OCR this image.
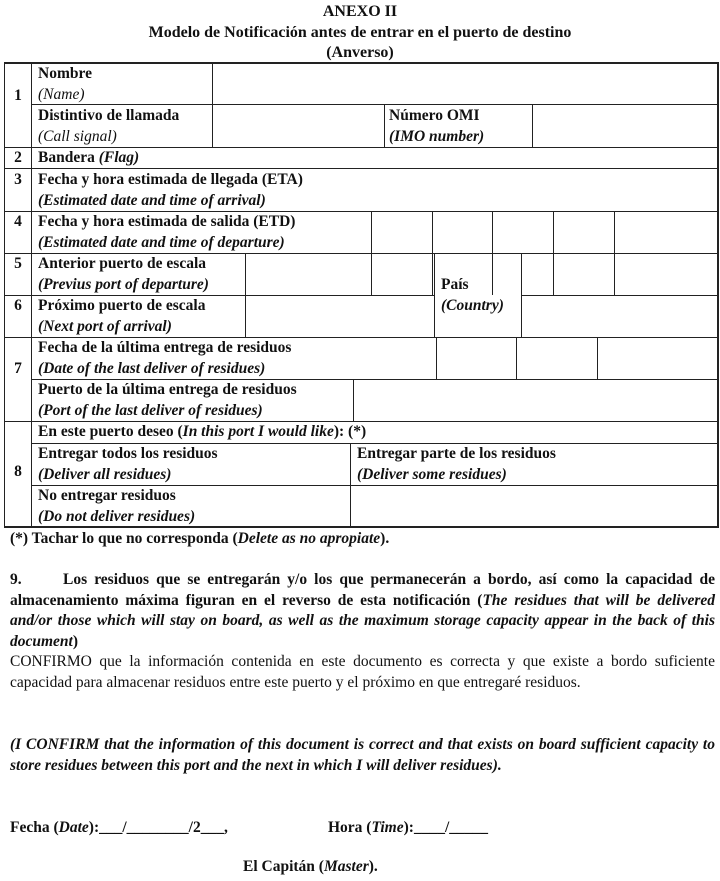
ANEXO II
Modelo de Notificación antes de entrar en el puerto de destino
(Anverso)
1
2
3
4
5
6
7
8
Nombre
(Name)
Distintivo de llamada
(Call signal)
Número OMI
(IMO number)
Bandera (Flag)
Fecha y hora estimada de llegada (ETA)
(Estimated date and time of arrival)
Fecha y hora estimada de salida (ETD)
(Estimated date and time of departure)
Anterior puerto de escala
(Previus port of departure)
Próximo puerto de escala
(Next port of arrival)
País
(Country)
Fecha de la última entrega de residuos
(Date of the last deliver of residues)
Puerto de la última entrega de residuos
(Port of the last deliver of residues)
En este puerto deseo (In this port I would like): (*)
Entregar todos los residuos
(Deliver all residues)
Entregar parte de los residuos
(Deliver some residues)
No entregar residuos
(Do not deliver residues)
(*) Tachar lo que no corresponda (Delete as no apropiate).
9.	Los residuos que se entregarán y/o los que permanecerán a bordo, así como la capacidad de almacenamiento máxima figuran en el reverso de esta notificación (The residues that will be delivered and/or those which will stay on board, as well as the maximum storage capacity appear in the back of this document)
CONFIRMO que la información contenida en este documento es correcta y que existe a bordo suficiente capacidad para almacenar residuos entre este puerto y el próximo en que entregaré residuos.
(I CONFIRM that the information of this document is correct and that exists on board sufficient capacity to store residues between this port and the next in which I will deliver residues).
Fecha (Date):___/________/2___,	Hora (Time):____/_____
El Capitán (Master).
